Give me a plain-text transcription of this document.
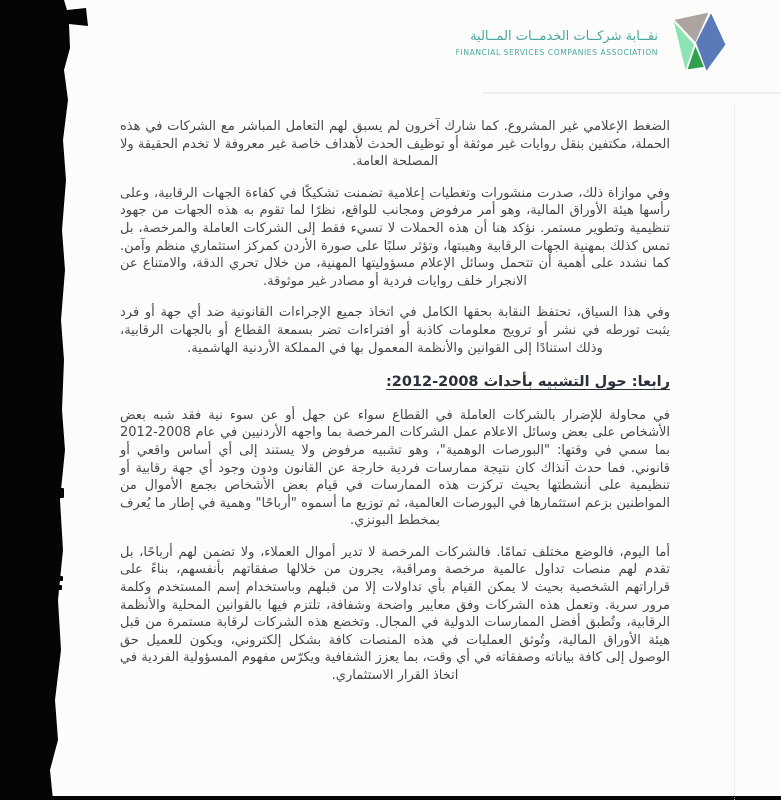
نقــابة شركــات الخدمــات المــالية
FINANCIAL SERVICES COMPANIES ASSOCIATION

الضغط الإعلامي غير المشروع. كما شارك آخرون لم يسبق لهم التعامل المباشر مع الشركات في هذه الحملة، مكتفين بنقل روايات غير موثقة أو توظيف الحدث لأهداف خاصة غير معروفة لا تخدم الحقيقة ولا المصلحة العامة.

وفي موازاة ذلك، صدرت منشورات وتغطيات إعلامية تضمنت تشكيكًا في كفاءة الجهات الرقابية، وعلى رأسها هيئة الأوراق المالية، وهو أمر مرفوض ومجانب للواقع، نظرًا لما تقوم به هذه الجهات من جهود تنظيمية وتطوير مستمر. نؤكد هنا أن هذه الحملات لا تسيء فقط إلى الشركات العاملة والمرخصة، بل تمس كذلك بمهنية الجهات الرقابية وهيبتها، وتؤثر سلبًا على صورة الأردن كمركز استثماري منظم وآمن. كما نشدد على أهمية أن تتحمل وسائل الإعلام مسؤوليتها المهنية، من خلال تحري الدقة، والامتناع عن الانجرار خلف روايات فردية أو مصادر غير موثوقة.

وفي هذا السياق، تحتفظ النقابة بحقها الكامل في اتخاذ جميع الإجراءات القانونية ضد أي جهة أو فرد يثبت تورطه في نشر أو ترويج معلومات كاذبة أو افتراءات تضر بسمعة القطاع أو بالجهات الرقابية، وذلك استنادًا إلى القوانين والأنظمة المعمول بها في المملكة الأردنية الهاشمية.

رابعا: حول التشبيه بأحداث 2008-2012:

في محاولة للإضرار بالشركات العاملة في القطاع سواء عن جهل أو عن سوء نية فقد شبه بعض الأشخاص على بعض وسائل الاعلام عمل الشركات المرخصة بما واجهه الأردنيين في عام 2008-2012 بما سمي في وقتها: "البورصات الوهمية"، وهو تشبيه مرفوض ولا يستند إلى أي أساس واقعي أو قانوني. فما حدث آنذاك كان نتيجة ممارسات فردية خارجة عن القانون ودون وجود أي جهة رقابية أو تنظيمية على أنشطتها بحيث تركزت هذه الممارسات في قيام بعض الأشخاص بجمع الأموال من المواطنين بزعم استثمارها في البورصات العالمية، ثم توزيع ما أسموه "أرباحًا" وهمية في إطار ما يُعرف بمخطط البونزي.

أما اليوم، فالوضع مختلف تمامًا. فالشركات المرخصة لا تدير أموال العملاء، ولا تضمن لهم أرباحًا، بل تقدم لهم منصات تداول عالمية مرخصة ومراقبة، يجرون من خلالها صفقاتهم بأنفسهم، بناءً على قراراتهم الشخصية بحيث لا يمكن القيام بأي تداولات إلا من قبلهم وباستخدام إسم المستخدم وكلمة مرور سرية. وتعمل هذه الشركات وفق معايير واضحة وشفافة، تلتزم فيها بالقوانين المحلية والأنظمة الرقابية، وتُطبق أفضل الممارسات الدولية في المجال. وتخضع هذه الشركات لرقابة مستمرة من قبل هيئة الأوراق المالية، وتُوثق العمليات في هذه المنصات كافة بشكل إلكتروني، ويكون للعميل حق الوصول إلى كافة بياناته وصفقاته في أي وقت، بما يعزز الشفافية ويكرّس مفهوم المسؤولية الفردية في اتخاذ القرار الاستثماري.
